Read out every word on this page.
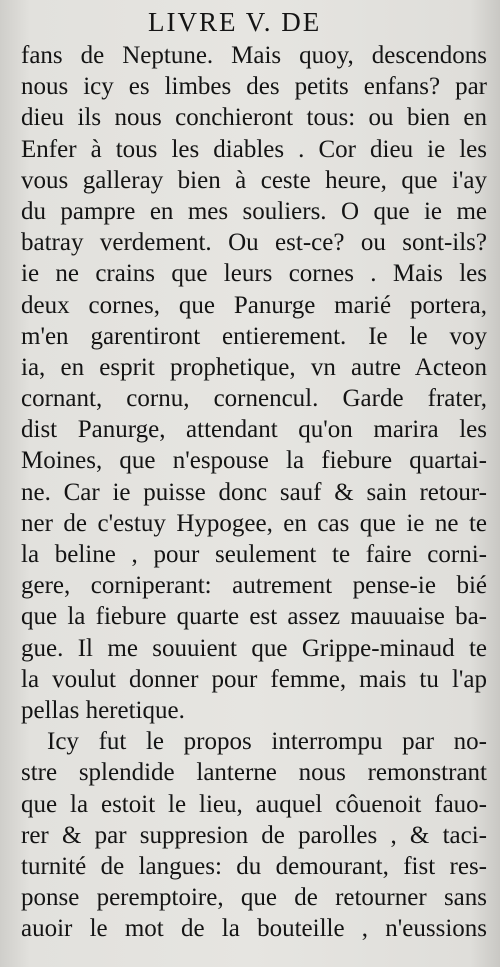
LIVRE V. DE
fans de Neptune. Mais quoy, descendons
nous icy es limbes des petits enfans? par
dieu ils nous conchieront tous: ou bien en
Enfer à tous les diables . Cor dieu ie les
vous galleray bien à ceste heure, que i'ay
du pampre en mes souliers. O que ie me
batray verdement. Ou est-ce? ou sont-ils?
ie ne crains que leurs cornes . Mais les
deux cornes, que Panurge marié portera,
m'en garentiront entierement. Ie le voy
ia, en esprit prophetique, vn autre Acteon
cornant, cornu, cornencul. Garde frater,
dist Panurge, attendant qu'on marira les
Moines, que n'espouse la fiebure quartai-
ne. Car ie puisse donc sauf & sain retour-
ner de c'estuy Hypogee, en cas que ie ne te
la beline , pour seulement te faire corni-
gere, corniperant: autrement pense-ie bié
que la fiebure quarte est assez mauuaise ba-
gue. Il me souuient que Grippe-minaud te
la voulut donner pour femme, mais tu l'ap
pellas heretique.
Icy fut le propos interrompu par no-
stre splendide lanterne nous remonstrant
que la estoit le lieu, auquel côuenoit fauo-
rer & par suppresion de parolles , & taci-
turnité de langues: du demourant, fist res-
ponse peremptoire, que de retourner sans
auoir le mot de la bouteille , n'eussions
